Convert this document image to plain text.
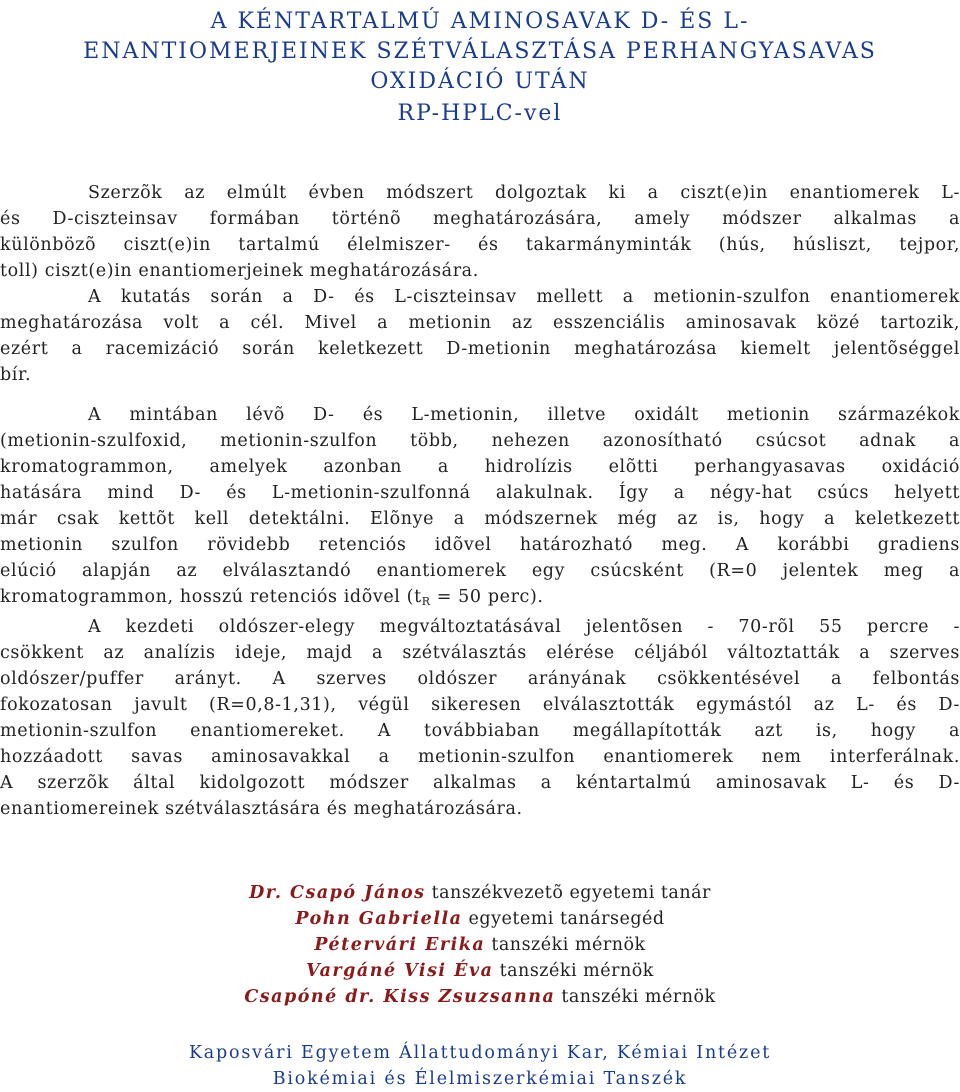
A KÉNTARTALMÚ AMINOSAVAK D- ÉS L-
ENANTIOMERJEINEK SZÉTVÁLASZTÁSA PERHANGYASAVAS
OXIDÁCIÓ UTÁN
RP-HPLC-vel
Szerzõk az elmúlt évben módszert dolgoztak ki a ciszt(e)in enantiomerek L-
és D-ciszteinsav formában történõ meghatározására, amely módszer alkalmas a
különbözõ ciszt(e)in tartalmú élelmiszer- és takarmányminták (hús, húsliszt, tejpor,
toll) ciszt(e)in enantiomerjeinek meghatározására.
A kutatás során a D- és L-ciszteinsav mellett a metionin-szulfon enantiomerek
meghatározása volt a cél. Mivel a metionin az esszenciális aminosavak közé tartozik,
ezért a racemizáció során keletkezett D-metionin meghatározása kiemelt jelentõséggel
bír.
A mintában lévõ D- és L-metionin, illetve oxidált metionin származékok
(metionin-szulfoxid, metionin-szulfon több, nehezen azonosítható csúcsot adnak a
kromatogrammon, amelyek azonban a hidrolízis elõtti perhangyasavas oxidáció
hatására mind D- és L-metionin-szulfonná alakulnak. Így a négy-hat csúcs helyett
már csak kettõt kell detektálni. Elõnye a módszernek még az is, hogy a keletkezett
metionin szulfon rövidebb retenciós idõvel határozható meg. A korábbi gradiens
elúció alapján az elválasztandó enantiomerek egy csúcsként (R=0 jelentek meg a
kromatogrammon, hosszú retenciós idõvel ($t_R = 50$ perc).
A kezdeti oldószer-elegy megváltoztatásával jelentõsen - 70-rõl 55 percre -
csökkent az analízis ideje, majd a szétválasztás elérése céljából változtatták a szerves
oldószer/puffer arányt. A szerves oldószer arányának csökkentésével a felbontás
fokozatosan javult (R=0,8-1,31), végül sikeresen elválasztották egymástól az L- és D-
metionin-szulfon enantiomereket. A továbbiaban megállapították azt is, hogy a
hozzáadott savas aminosavakkal a metionin-szulfon enantiomerek nem interferálnak.
A szerzõk által kidolgozott módszer alkalmas a kéntartalmú aminosavak L- és D-
enantiomereinek szétválasztására és meghatározására.
Dr. Csapó János tanszékvezetõ egyetemi tanár
Pohn Gabriella egyetemi tanársegéd
Pétervári Erika tanszéki mérnök
Vargáné Visi Éva tanszéki mérnök
Csapóné dr. Kiss Zsuzsanna tanszéki mérnök
Kaposvári Egyetem Állattudományi Kar, Kémiai Intézet
Biokémiai és Élelmiszerkémiai Tanszék
